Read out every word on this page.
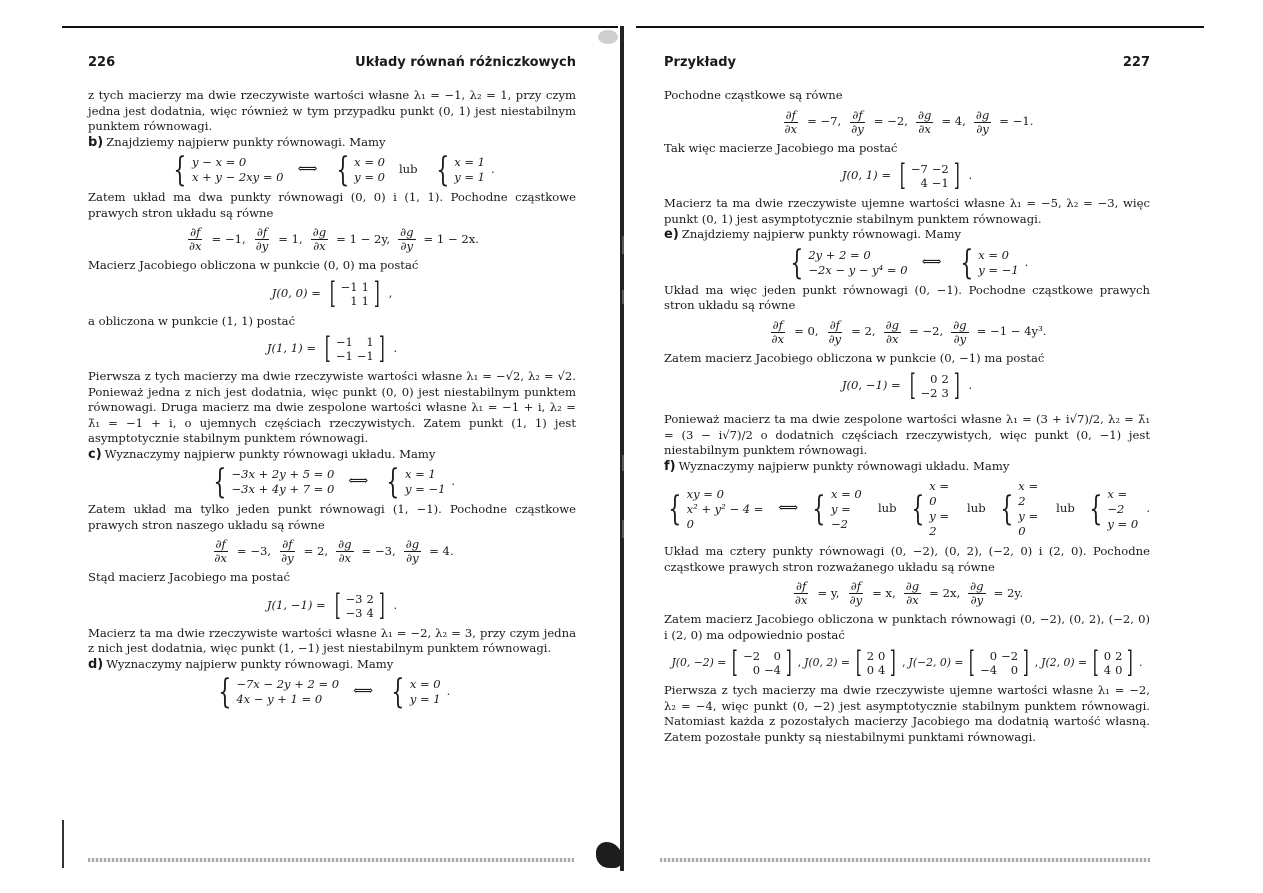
226	Układy równań różniczkowych

z tych macierzy ma dwie rzeczywiste wartości własne λ₁ = −1, λ₂ = 1, przy czym jedna jest dodatnia, więc również w tym przypadku punkt (0, 1) jest niestabilnym punktem równowagi.

b) Znajdziemy najpierw punkty równowagi. Mamy

{ y − x = 0
x + y − 2xy = 0 ⟺ { x = 0
y = 0
lub { x = 1
y = 1
.

Zatem układ ma dwa punkty równowagi (0, 0) i (1, 1). Pochodne cząstkowe prawych stron układu są równe

$\frac{\partial f}{\partial x} = -1$, $\frac{\partial f}{\partial y} = 1$, $\frac{\partial g}{\partial x} = 1 - 2y$, $\frac{\partial g}{\partial y} = 1 - 2x$.

Macierz Jacobiego obliczona w punkcie (0, 0) ma postać

J(0, 0) = [ −1	1
1	1 ] ,

a obliczona w punkcie (1, 1) postać

J(1, 1) = [ −1	1
−1	−1 ] .

Pierwsza z tych macierzy ma dwie rzeczywiste wartości własne λ₁ = −√2, λ₂ = √2. Ponieważ jedna z nich jest dodatnia, więc punkt (0, 0) jest niestabilnym punktem równowagi. Druga macierz ma dwie zespolone wartości własne λ₁ = −1 + i, λ₂ = λ̄₁ = −1 + i, o ujemnych częściach rzeczywistych. Zatem punkt (1, 1) jest asymptotycznie stabilnym punktem równowagi.

c) Wyznaczymy najpierw punkty równowagi układu. Mamy

{ −3x + 2y + 5 = 0
−3x + 4y + 7 = 0 ⟺ { x = 1
y = −1
.

Zatem układ ma tylko jeden punkt równowagi (1, −1). Pochodne cząstkowe prawych stron naszego układu są równe

$\frac{\partial f}{\partial x} = -3$, $\frac{\partial f}{\partial y} = 2$, $\frac{\partial g}{\partial x} = -3$, $\frac{\partial g}{\partial y} = 4$.

Stąd macierz Jacobiego ma postać

J(1, −1) = [ −3	2
−3	4 ] .

Macierz ta ma dwie rzeczywiste wartości własne λ₁ = −2, λ₂ = 3, przy czym jedna z nich jest dodatnia, więc punkt (1, −1) jest niestabilnym punktem równowagi.

d) Wyznaczymy najpierw punkty równowagi. Mamy

{ −7x − 2y + 2 = 0
4x − y + 1 = 0	⟺ { x = 0
y = 1
.
Przykłady	227

Pochodne cząstkowe są równe

$\frac{\partial f}{\partial x} = -7$, $\frac{\partial f}{\partial y} = -2$, $\frac{\partial g}{\partial x} = 4$, $\frac{\partial g}{\partial y} = -1$.

Tak więc macierze Jacobiego ma postać

J(0, 1) = [ −7	−2
4	−1 ] .

Macierz ta ma dwie rzeczywiste ujemne wartości własne λ₁ = −5, λ₂ = −3, więc punkt (0, 1) jest asymptotycznie stabilnym punktem równowagi.

e) Znajdziemy najpierw punkty równowagi. Mamy

{ 2y + 2 = 0
−2x − y − y⁴ = 0 ⟺ { x = 0
y = −1
.

Układ ma więc jeden punkt równowagi (0, −1). Pochodne cząstkowe prawych stron układu są równe

$\frac{\partial f}{\partial x} = 0$, $\frac{\partial f}{\partial y} = 2$, $\frac{\partial g}{\partial x} = -2$, $\frac{\partial g}{\partial y} = -1 - 4y^3$.

Zatem macierz Jacobiego obliczona w punkcie (0, −1) ma postać

J(0, −1) = [ 0	2
−2	3 ] .

Ponieważ macierz ta ma dwie zespolone wartości własne λ₁ = (3 + i√7)/2, λ₂ = λ̄₁ = (3 − i√7)/2 o dodatnich częściach rzeczywistych, więc punkt (0, −1) jest niestabilnym punktem równowagi.

f) Wyznaczymy najpierw punkty równowagi układu. Mamy

{ xy = 0
x² + y² − 4 = 0
⟺ { x = 0
y = −2
lub {
x = 0
y = 2
lub {
x = 2
y = 0
lub { x = −2
y = 0
.

Układ ma cztery punkty równowagi (0, −2), (0, 2), (−2, 0) i (2, 0). Pochodne cząstkowe prawych stron rozważanego układu są równe

$\frac{\partial f}{\partial x} = y$, $\frac{\partial f}{\partial y} = x$, $\frac{\partial g}{\partial x} = 2x$, $\frac{\partial g}{\partial y} = 2y$.

Zatem macierz Jacobiego obliczona w punktach równowagi (0, −2), (0, 2), (−2, 0) i (2, 0) ma odpowiednio postać

J(0, −2) = [ −2	0
0	−4 ] , J(0, 2) = [ 2	0
0	4 ] , J(−2, 0) = [ 0	−2
−4	0 ] , J(2, 0) = [ 0	2
4	0 ] .

Pierwsza z tych macierzy ma dwie rzeczywiste ujemne wartości własne λ₁ = −2, λ₂ = −4, więc punkt (0, −2) jest asymptotycznie stabilnym punktem równowagi. Natomiast każda z pozostałych macierzy Jacobiego ma dodatnią wartość własną. Zatem pozostałe punkty są niestabilnymi punktami równowagi.
